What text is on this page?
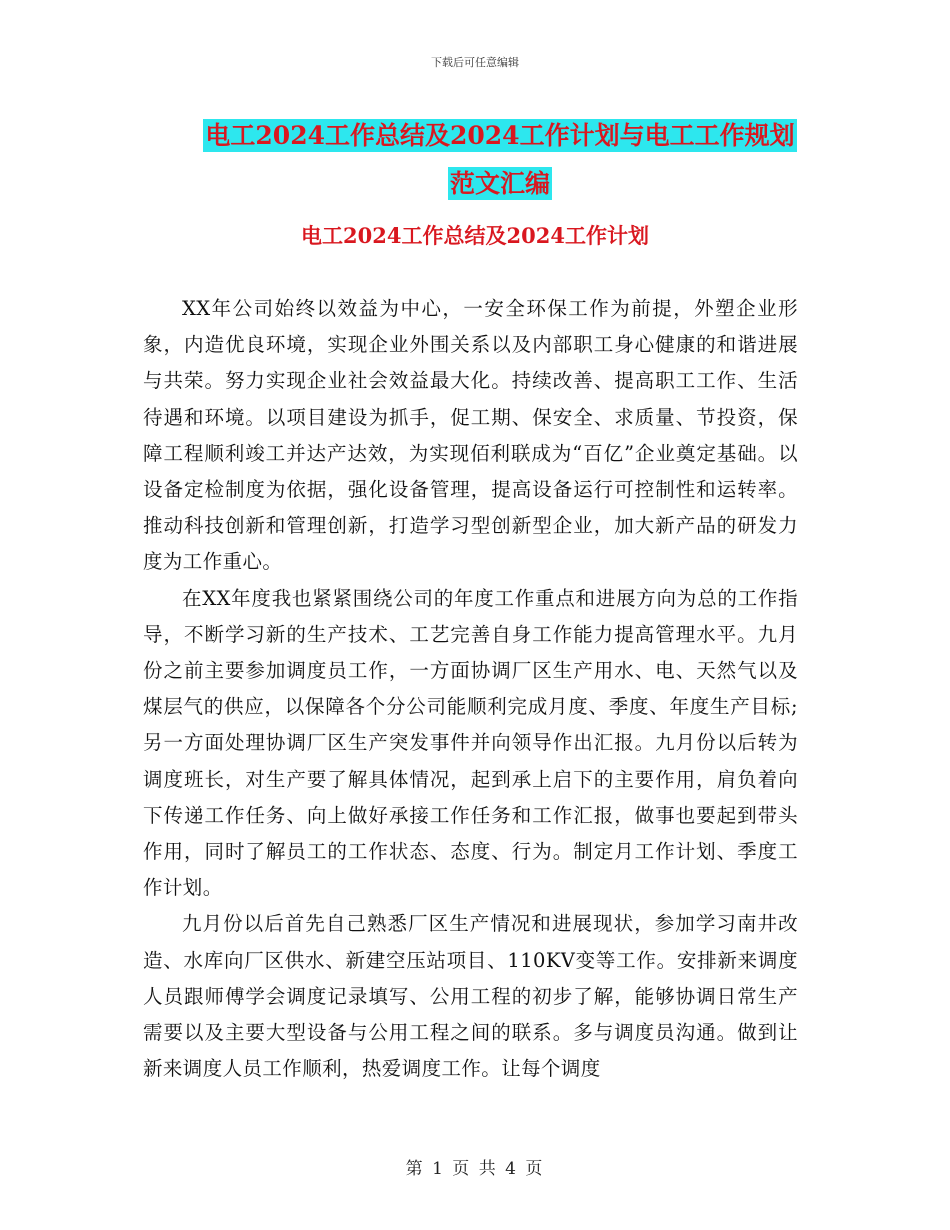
下载后可任意编辑
电工2024工作总结及2024工作计划与电工工作规划
范文汇编
电工2024工作总结及2024工作计划

XX年公司始终以效益为中心，一安全环保工作为前提，外塑企业形象，内造优良环境，实现企业外围关系以及内部职工身心健康的和谐进展与共荣。努力实现企业社会效益最大化。持续改善、提高职工工作、生活待遇和环境。以项目建设为抓手，促工期、保安全、求质量、节投资，保障工程顺利竣工并达产达效，为实现佰利联成为“百亿”企业奠定基础。以设备定检制度为依据，强化设备管理，提高设备运行可控制性和运转率。推动科技创新和管理创新，打造学习型创新型企业，加大新产品的研发力度为工作重心。

在XX年度我也紧紧围绕公司的年度工作重点和进展方向为总的工作指导，不断学习新的生产技术、工艺完善自身工作能力提高管理水平。九月份之前主要参加调度员工作，一方面协调厂区生产用水、电、天然气以及煤层气的供应，以保障各个分公司能顺利完成月度、季度、年度生产目标;另一方面处理协调厂区生产突发事件并向领导作出汇报。九月份以后转为调度班长，对生产要了解具体情况，起到承上启下的主要作用，肩负着向下传递工作任务、向上做好承接工作任务和工作汇报，做事也要起到带头作用，同时了解员工的工作状态、态度、行为。制定月工作计划、季度工作计划。

九月份以后首先自己熟悉厂区生产情况和进展现状，参加学习南井改造、水库向厂区供水、新建空压站项目、110KV变等工作。安排新来调度人员跟师傅学会调度记录填写、公用工程的初步了解，能够协调日常生产需要以及主要大型设备与公用工程之间的联系。多与调度员沟通。做到让新来调度人员工作顺利，热爱调度工作。让每个调度

第 1 页 共 4 页
